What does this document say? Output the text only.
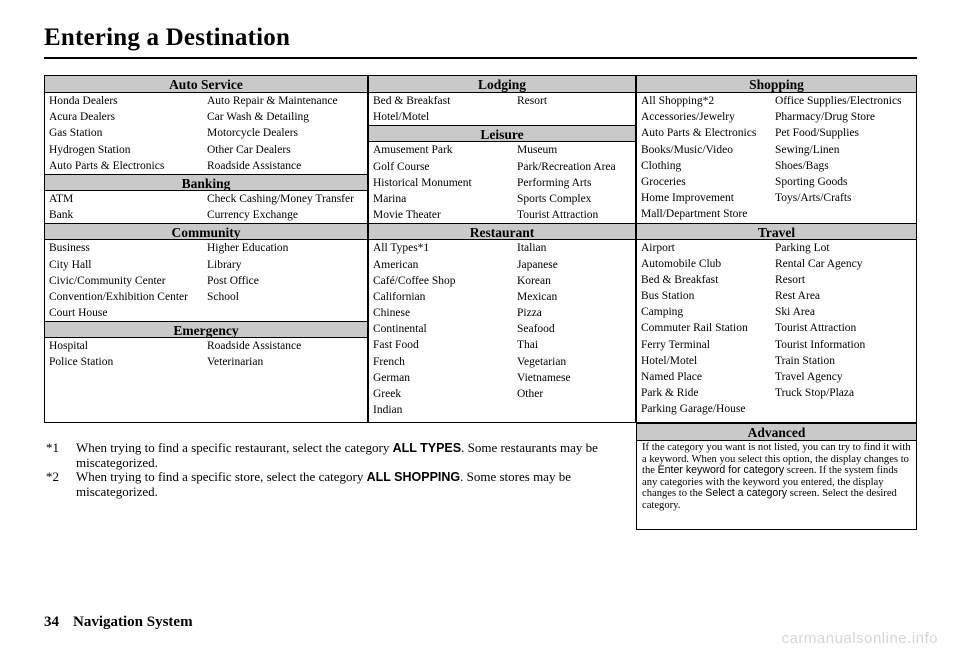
Entering a Destination
Auto Service
Honda Dealers	Auto Repair & Maintenance
Acura Dealers	Car Wash & Detailing
Gas Station	Motorcycle Dealers
Hydrogen Station	Other Car Dealers
Auto Parts & Electronics	Roadside Assistance
Banking
ATM	Check Cashing/Money Transfer
Bank	Currency Exchange
Community
Business	Higher Education
City Hall	Library
Civic/Community Center	Post Office
Convention/Exhibition Center	School
Court House
Emergency
Hospital	Roadside Assistance
Police Station	Veterinarian
Lodging
Bed & Breakfast	Resort
Hotel/Motel
Leisure
Amusement Park	Museum
Golf Course	Park/Recreation Area
Historical Monument	Performing Arts
Marina	Sports Complex
Movie Theater	Tourist Attraction
Restaurant
All Types*1	Italian
American	Japanese
Café/Coffee Shop	Korean
Californian	Mexican
Chinese	Pizza
Continental	Seafood
Fast Food	Thai
French	Vegetarian
German	Vietnamese
Greek	Other
Indian
Shopping
All Shopping*2	Office Supplies/Electronics
Accessories/Jewelry	Pharmacy/Drug Store
Auto Parts & Electronics	Pet Food/Supplies
Books/Music/Video	Sewing/Linen
Clothing	Shoes/Bags
Groceries	Sporting Goods
Home Improvement	Toys/Arts/Crafts
Mall/Department Store
Travel
Airport	Parking Lot
Automobile Club	Rental Car Agency
Bed & Breakfast	Resort
Bus Station	Rest Area
Camping	Ski Area
Commuter Rail Station	Tourist Attraction
Ferry Terminal	Tourist Information
Hotel/Motel	Train Station
Named Place	Travel Agency
Park & Ride	Truck Stop/Plaza
Parking Garage/House
Advanced
If the category you want is not listed, you can try to find it with a keyword. When you select this option, the display changes to the Enter keyword for category screen. If the system finds any categories with the keyword you entered, the display changes to the Select a category screen. Select the desired category.
*1	When trying to find a specific restaurant, select the category ALL TYPES. Some restaurants may be miscategorized.
*2	When trying to find a specific store, select the category ALL SHOPPING. Some stores may be miscategorized.
34 Navigation System
carmanualsonline.info
